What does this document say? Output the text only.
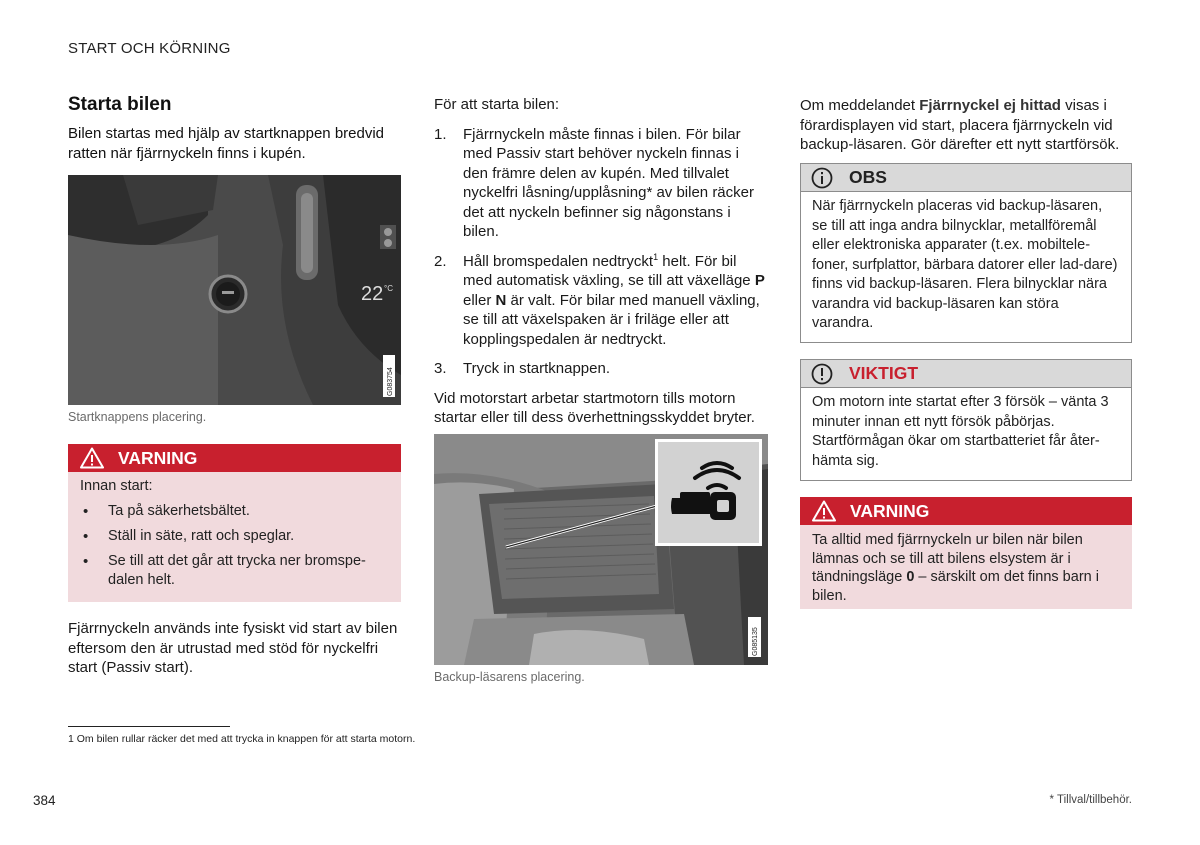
START OCH KÖRNING
Starta bilen
Bilen startas med hjälp av startknappen bredvid ratten när fjärrnyckeln finns i kupén.
22 °C
G083754
Startknappens placering.
VARNING
Innan start:
• Ta på säkerhetsbältet.
• Ställ in säte, ratt och speglar.
• Se till att det går att trycka ner bromspe-dalen helt.
Fjärrnyckeln används inte fysiskt vid start av bilen eftersom den är utrustad med stöd för nyckelfri start (Passiv start).
För att starta bilen:
1. Fjärrnyckeln måste finnas i bilen. För bilar med Passiv start behöver nyckeln finnas i den främre delen av kupén. Med tillvalet nyckelfri låsning/upplåsning* av bilen räcker det att nyckeln befinner sig någonstans i bilen.
2. Håll bromspedalen nedtryckt$^1$ helt. För bil med automatisk växling, se till att växelläge P eller N är valt. För bilar med manuell växling, se till att växelspaken är i friläge eller att kopplingspedalen är nedtryckt.
3. Tryck in startknappen.
Vid motorstart arbetar startmotorn tills motorn startar eller till dess överhettningsskyddet bryter.
G085135
Backup-läsarens placering.
Om meddelandet Fjärrnyckel ej hittad visas i förardisplayen vid start, placera fjärrnyckeln vid backup-läsaren. Gör därefter ett nytt startförsök.
OBS
När fjärrnyckeln placeras vid backup-läsaren, se till att inga andra bilnycklar, metallföremål eller elektroniska apparater (t.ex. mobiltele-foner, surfplattor, bärbara datorer eller lad-dare) finns vid backup-läsaren. Flera bilnycklar nära varandra vid backup-läsaren kan störa varandra.
VIKTIGT
Om motorn inte startat efter 3 försök – vänta 3 minuter innan ett nytt försök påbörjas. Startförmågan ökar om startbatteriet får åter-hämta sig.
VARNING
Ta alltid med fjärrnyckeln ur bilen när bilen lämnas och se till att bilens elsystem är i tändningsläge 0 – särskilt om det finns barn i bilen.
1 Om bilen rullar räcker det med att trycka in knappen för att starta motorn.
384	* Tillval/tillbehör.
